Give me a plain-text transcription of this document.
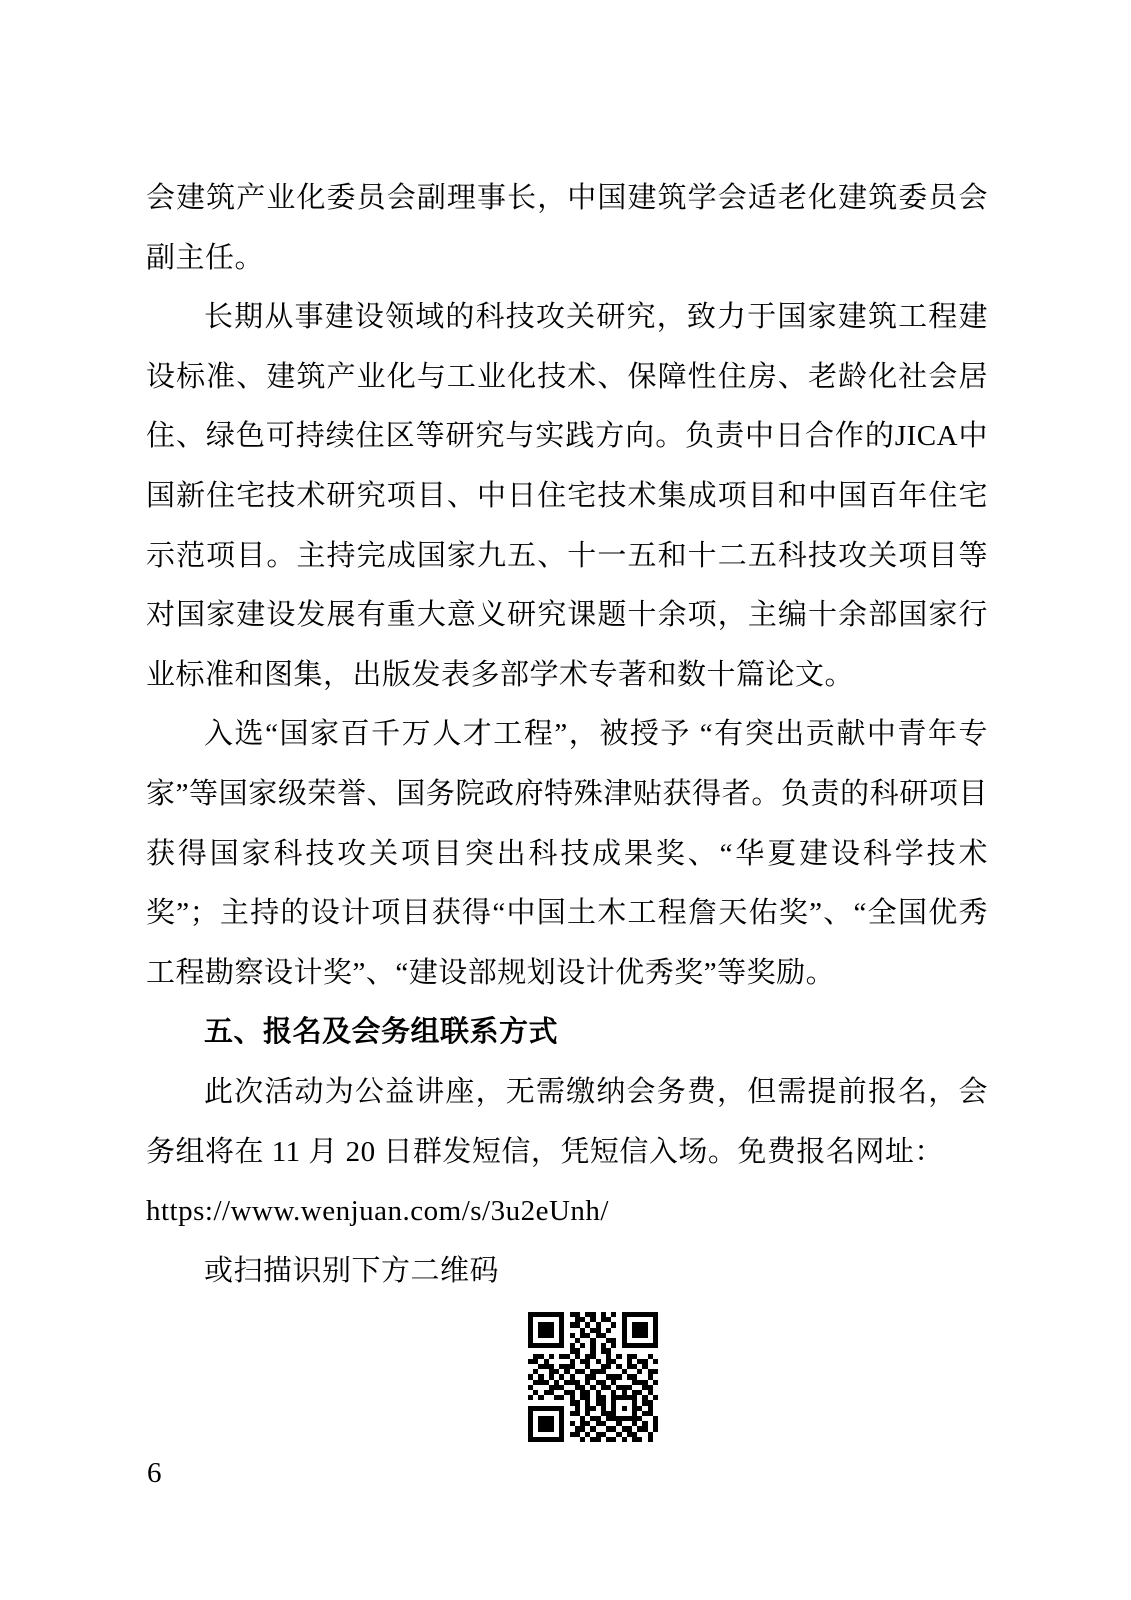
会建筑产业化委员会副理事长，中国建筑学会适老化建筑委员会副主任。

长期从事建设领域的科技攻关研究，致力于国家建筑工程建设标准、建筑产业化与工业化技术、保障性住房、老龄化社会居住、绿色可持续住区等研究与实践方向。负责中日合作的JICA中国新住宅技术研究项目、中日住宅技术集成项目和中国百年住宅示范项目。主持完成国家九五、十一五和十二五科技攻关项目等对国家建设发展有重大意义研究课题十余项，主编十余部国家行业标准和图集，出版发表多部学术专著和数十篇论文。

入选“国家百千万人才工程”，被授予 “有突出贡献中青年专家”等国家级荣誉、国务院政府特殊津贴获得者。负责的科研项目获得国家科技攻关项目突出科技成果奖、“华夏建设科学技术奖”；主持的设计项目获得“中国土木工程詹天佑奖”、“全国优秀工程勘察设计奖”、“建设部规划设计优秀奖”等奖励。

五、报名及会务组联系方式

此次活动为公益讲座，无需缴纳会务费，但需提前报名，会务组将在 11 月 20 日群发短信，凭短信入场。免费报名网址：

https://www.wenjuan.com/s/3u2eUnh/

或扫描识别下方二维码

6
